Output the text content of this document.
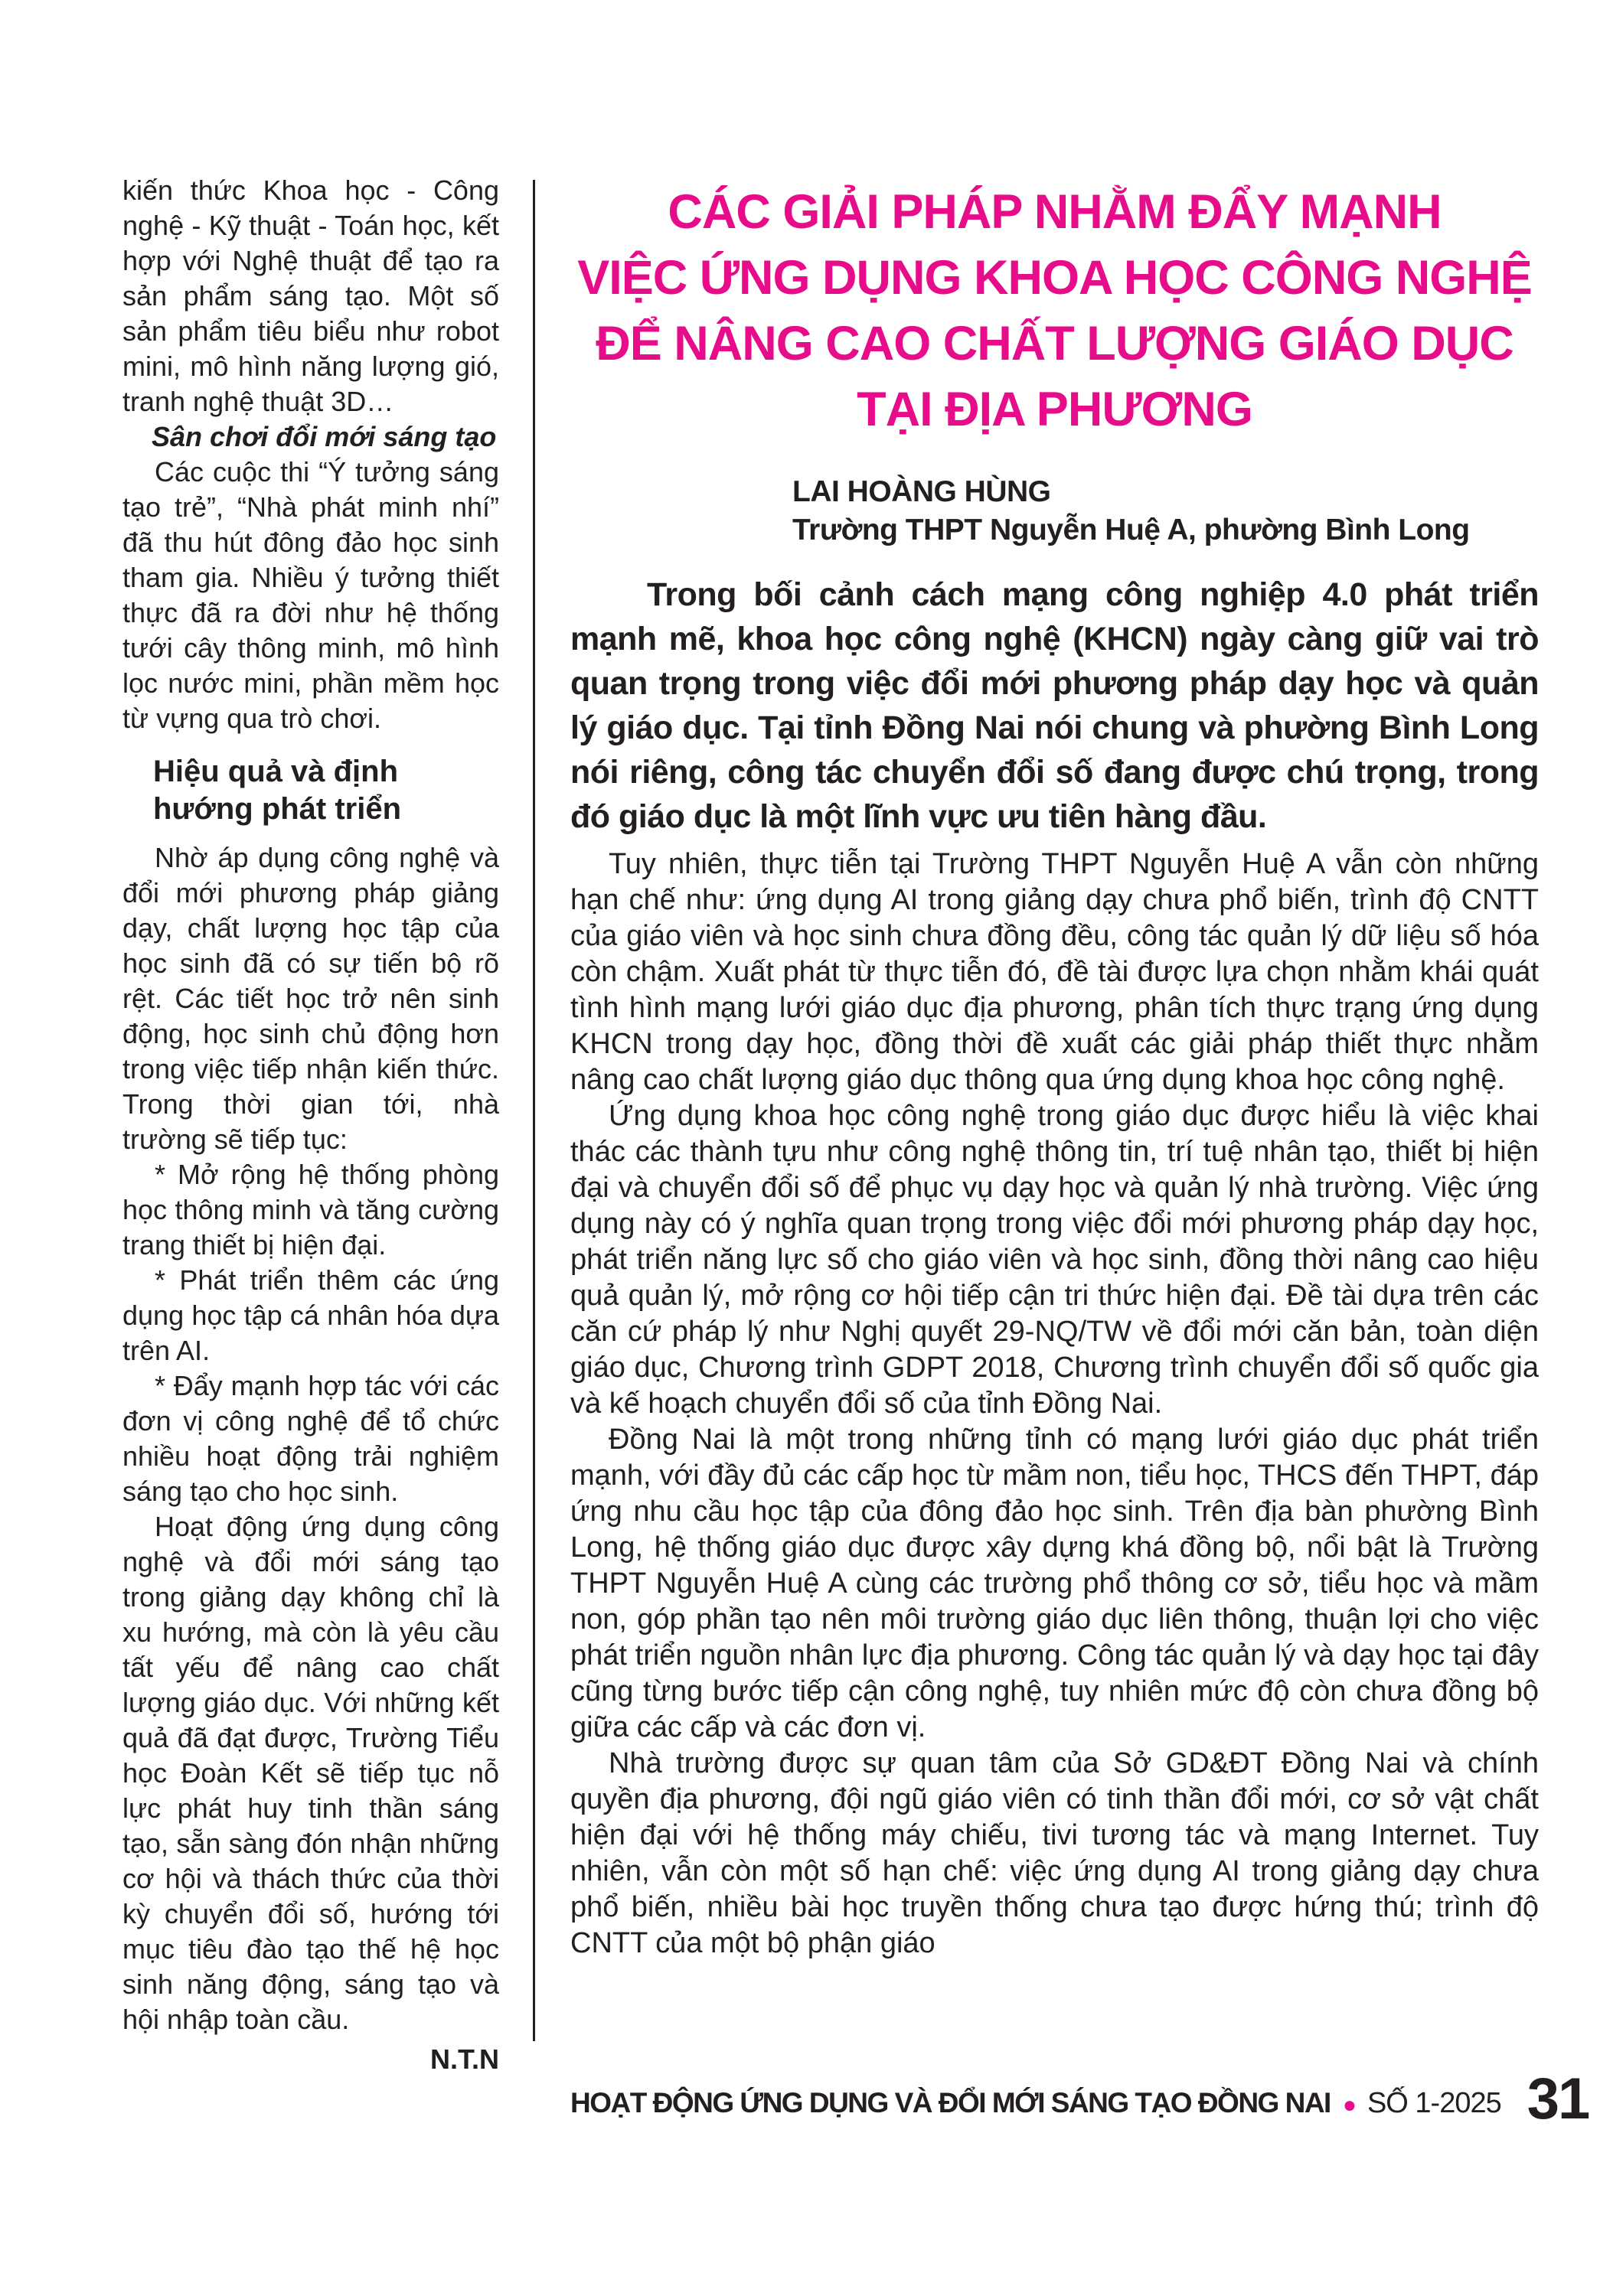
kiến thức Khoa học - Công nghệ - Kỹ thuật - Toán học, kết hợp với Nghệ thuật để tạo ra sản phẩm sáng tạo. Một số sản phẩm tiêu biểu như robot mini, mô hình năng lượng gió, tranh nghệ thuật 3D…

Sân chơi đổi mới sáng tạo

Các cuộc thi “Ý tưởng sáng tạo trẻ”, “Nhà phát minh nhí” đã thu hút đông đảo học sinh tham gia. Nhiều ý tưởng thiết thực đã ra đời như hệ thống tưới cây thông minh, mô hình lọc nước mini, phần mềm học từ vựng qua trò chơi.

Hiệu quả và định hướng phát triển

Nhờ áp dụng công nghệ và đổi mới phương pháp giảng dạy, chất lượng học tập của học sinh đã có sự tiến bộ rõ rệt. Các tiết học trở nên sinh động, học sinh chủ động hơn trong việc tiếp nhận kiến thức. Trong thời gian tới, nhà trường sẽ tiếp tục:

* Mở rộng hệ thống phòng học thông minh và tăng cường trang thiết bị hiện đại.

* Phát triển thêm các ứng dụng học tập cá nhân hóa dựa trên AI.

* Đẩy mạnh hợp tác với các đơn vị công nghệ để tổ chức nhiều hoạt động trải nghiệm sáng tạo cho học sinh.

Hoạt động ứng dụng công nghệ và đổi mới sáng tạo trong giảng dạy không chỉ là xu hướng, mà còn là yêu cầu tất yếu để nâng cao chất lượng giáo dục. Với những kết quả đã đạt được, Trường Tiểu học Đoàn Kết sẽ tiếp tục nỗ lực phát huy tinh thần sáng tạo, sẵn sàng đón nhận những cơ hội và thách thức của thời kỳ chuyển đổi số, hướng tới mục tiêu đào tạo thế hệ học sinh năng động, sáng tạo và hội nhập toàn cầu.

N.T.N

CÁC GIẢI PHÁP NHẰM ĐẨY MẠNH
VIỆC ỨNG DỤNG KHOA HỌC CÔNG NGHỆ
ĐỂ NÂNG CAO CHẤT LƯỢNG GIÁO DỤC
TẠI ĐỊA PHƯƠNG
LAI HOÀNG HÙNG
Trường THPT Nguyễn Huệ A, phường Bình Long

Trong bối cảnh cách mạng công nghiệp 4.0 phát triển mạnh mẽ, khoa học công nghệ (KHCN) ngày càng giữ vai trò quan trọng trong việc đổi mới phương pháp dạy học và quản lý giáo dục. Tại tỉnh Đồng Nai nói chung và phường Bình Long nói riêng, công tác chuyển đổi số đang được chú trọng, trong đó giáo dục là một lĩnh vực ưu tiên hàng đầu.

Tuy nhiên, thực tiễn tại Trường THPT Nguyễn Huệ A vẫn còn những hạn chế như: ứng dụng AI trong giảng dạy chưa phổ biến, trình độ CNTT của giáo viên và học sinh chưa đồng đều, công tác quản lý dữ liệu số hóa còn chậm. Xuất phát từ thực tiễn đó, đề tài được lựa chọn nhằm khái quát tình hình mạng lưới giáo dục địa phương, phân tích thực trạng ứng dụng KHCN trong dạy học, đồng thời đề xuất các giải pháp thiết thực nhằm nâng cao chất lượng giáo dục thông qua ứng dụng khoa học công nghệ.

Ứng dụng khoa học công nghệ trong giáo dục được hiểu là việc khai thác các thành tựu như công nghệ thông tin, trí tuệ nhân tạo, thiết bị hiện đại và chuyển đổi số để phục vụ dạy học và quản lý nhà trường. Việc ứng dụng này có ý nghĩa quan trọng trong việc đổi mới phương pháp dạy học, phát triển năng lực số cho giáo viên và học sinh, đồng thời nâng cao hiệu quả quản lý, mở rộng cơ hội tiếp cận tri thức hiện đại. Đề tài dựa trên các căn cứ pháp lý như Nghị quyết 29-NQ/TW về đổi mới căn bản, toàn diện giáo dục, Chương trình GDPT 2018, Chương trình chuyển đổi số quốc gia và kế hoạch chuyển đổi số của tỉnh Đồng Nai.

Đồng Nai là một trong những tỉnh có mạng lưới giáo dục phát triển mạnh, với đầy đủ các cấp học từ mầm non, tiểu học, THCS đến THPT, đáp ứng nhu cầu học tập của đông đảo học sinh. Trên địa bàn phường Bình Long, hệ thống giáo dục được xây dựng khá đồng bộ, nổi bật là Trường THPT Nguyễn Huệ A cùng các trường phổ thông cơ sở, tiểu học và mầm non, góp phần tạo nên môi trường giáo dục liên thông, thuận lợi cho việc phát triển nguồn nhân lực địa phương. Công tác quản lý và dạy học tại đây cũng từng bước tiếp cận công nghệ, tuy nhiên mức độ còn chưa đồng bộ giữa các cấp và các đơn vị.

Nhà trường được sự quan tâm của Sở GD&ĐT Đồng Nai và chính quyền địa phương, đội ngũ giáo viên có tinh thần đổi mới, cơ sở vật chất hiện đại với hệ thống máy chiếu, tivi tương tác và mạng Internet. Tuy nhiên, vẫn còn một số hạn chế: việc ứng dụng AI trong giảng dạy chưa phổ biến, nhiều bài học truyền thống chưa tạo được hứng thú; trình độ CNTT của một bộ phận giáo

HOẠT ĐỘNG ỨNG DỤNG VÀ ĐỔI MỚI SÁNG TẠO ĐỒNG NAI ● SỐ 1-2025 31
